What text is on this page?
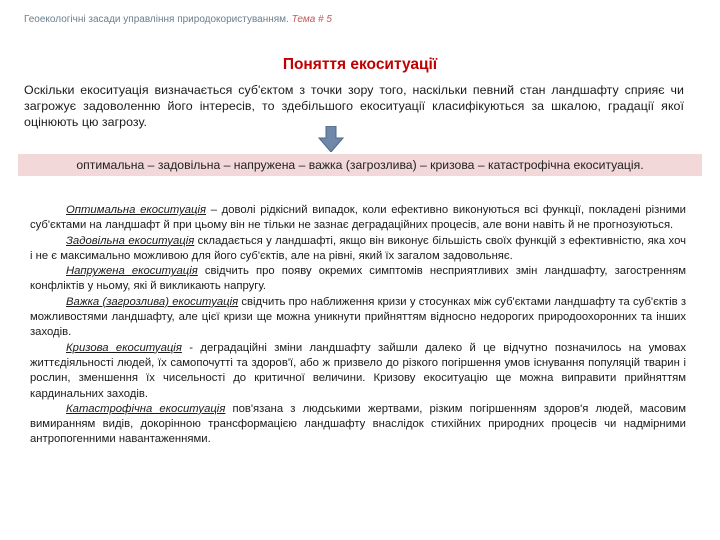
Геоекологічні засади управління природокористуванням. Тема # 5
Поняття екоситуації
Оскільки екоситуація визначається суб'єктом з точки зору того, наскільки певний стан ландшафту сприяє чи загрожує задоволенню його інтересів, то здебільшого екоситуації класифікуються за шкалою, градації якої оцінюють цю загрозу.
оптимальна – задовільна – напружена – важка (загрозлива) – кризова – катастрофічна екоситуація.

Оптимальна екоситуація – доволі рідкісний випадок, коли ефективно виконуються всі функції, покладені різними суб'єктами на ландшафт й при цьому він не тільки не зазнає деградаційних процесів, але вони навіть й не прогнозуються.

Задовільна екоситуація складається у ландшафті, якщо він виконує більшість своїх функцій з ефективністю, яка хоч і не є максимально можливою для його суб'єктів, але на рівні, який їх загалом задовольняє.

Напружена екоситуація свідчить про появу окремих симптомів несприятливих змін ландшафту, загостренням конфліктів у ньому, які й викликають напругу.

Важка (загрозлива) екоситуація свідчить про наближення кризи у стосунках між суб'єктами ландшафту та суб'єктів з можливостями ландшафту, але цієї кризи ще можна уникнути прийняттям відносно недорогих природоохоронних та інших заходів.

Кризова екоситуація - деградаційні зміни ландшафту зайшли далеко й це відчутно позначилось на умовах життєдіяльності людей, їх самопочутті та здоров'ї, або ж призвело до різкого погіршення умов існування популяцій тварин і рослин, зменшення їх чисельності до критичної величини. Кризову екоситуацію ще можна виправити прийняттям кардинальних заходів.

Катастрофічна екоситуація пов'язана з людськими жертвами, різким погіршенням здоров'я людей, масовим вимиранням видів, докорінною трансформацією ландшафту внаслідок стихійних природних процесів чи надмірними антропогенними навантаженнями.
